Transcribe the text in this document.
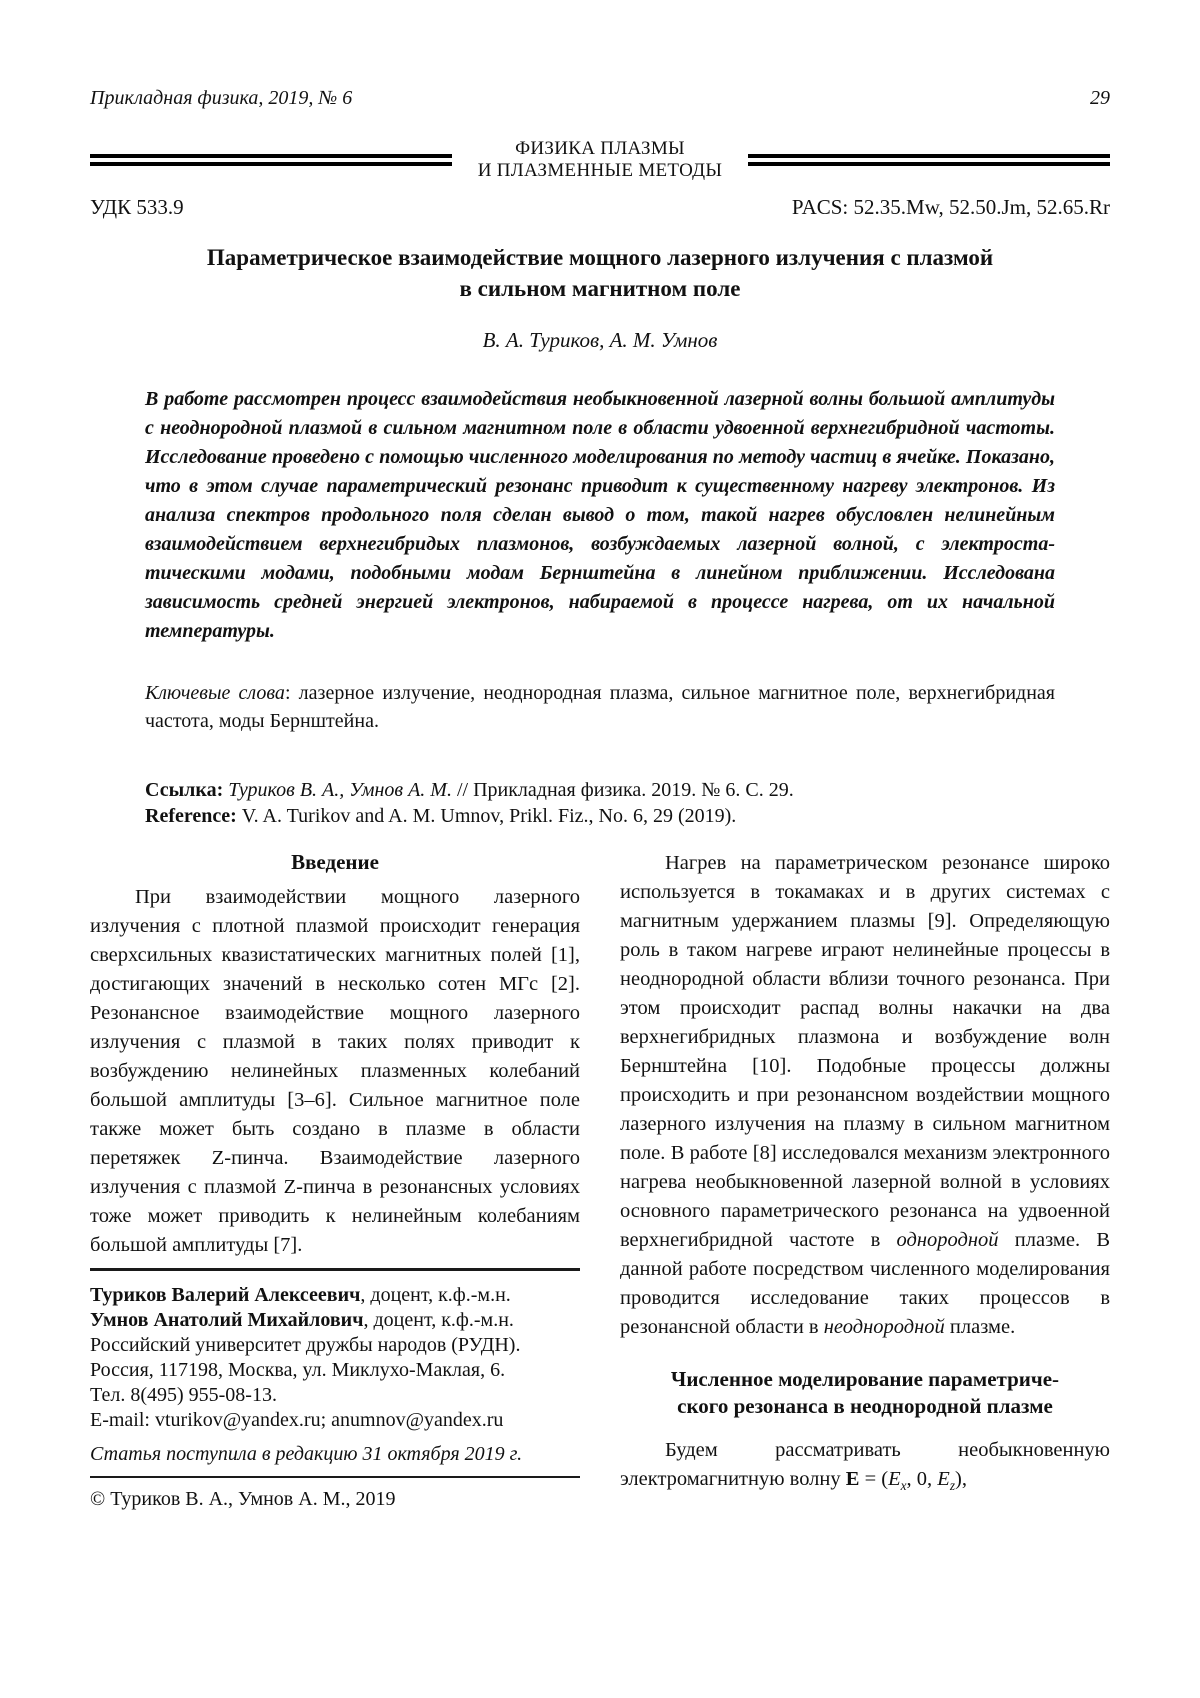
Прикладная физика, 2019, № 6	29
ФИЗИКА ПЛАЗМЫ
И ПЛАЗМЕННЫЕ МЕТОДЫ
УДК 533.9	PACS: 52.35.Mw, 52.50.Jm, 52.65.Rr
Параметрическое взаимодействие мощного лазерного излучения с плазмой
в сильном магнитном поле
В. А. Туриков, А. М. Умнов
В работе рассмотрен процесс взаимодействия необыкновенной лазерной волны большой амплитуды с неоднородной плазмой в сильном магнитном поле в области удвоенной верхнегибридной частоты. Исследование проведено с помощью численного моделирования по методу частиц в ячейке. Показано, что в этом случае параметрический резонанс приводит к существенному нагреву электронов. Из анализа спектров продольного поля сделан вывод о том, такой нагрев обусловлен нелинейным взаимодействием верхнегибридых плазмонов, возбуждаемых лазерной волной, с электростатическими модами, подобными модам Бернштейна в линейном приближении. Исследована зависимость средней энергией электронов, набираемой в процессе нагрева, от их начальной температуры.
Ключевые слова: лазерное излучение, неоднородная плазма, сильное магнитное поле, верхнегибридная частота, моды Бернштейна.
Ссылка: Туриков В. А., Умнов А. М. // Прикладная физика. 2019. № 6. С. 29.
Reference: V. A. Turikov and A. M. Umnov, Prikl. Fiz., No. 6, 29 (2019).
Введение

При взаимодействии мощного лазерного излучения с плотной плазмой происходит генерация сверхсильных квазистатических магнитных полей [1], достигающих значений в несколько сотен МГс [2]. Резонансное взаимодействие мощного лазерного излучения с плазмой в таких полях приводит к возбуждению нелинейных плазменных колебаний большой амплитуды [3–6]. Сильное магнитное поле также может быть создано в плазме в области перетяжек Z-пинча. Взаимодействие лазерного излучения с плазмой Z-пинча в резонансных условиях тоже может приводить к нелинейным колебаниям большой амплитуды [7].

Туриков Валерий Алексеевич, доцент, к.ф.-м.н.
Умнов Анатолий Михайлович, доцент, к.ф.-м.н.
Российский университет дружбы народов (РУДН).
Россия, 117198, Москва, ул. Миклухо-Маклая, 6.
Тел. 8(495) 955-08-13.
E-mail: vturikov@yandex.ru; anumnov@yandex.ru
Статья поступила в редакцию 31 октября 2019 г.
© Туриков В. А., Умнов А. М., 2019

Нагрев на параметрическом резонансе широко используется в токамаках и в других системах с магнитным удержанием плазмы [9]. Определяющую роль в таком нагреве играют нелинейные процессы в неоднородной области вблизи точного резонанса. При этом происходит распад волны накачки на два верхнегибридных плазмона и возбуждение волн Бернштейна [10]. Подобные процессы должны происходить и при резонансном воздействии мощного лазерного излучения на плазму в сильном магнитном поле. В работе [8] исследовался механизм электронного нагрева необыкновенной лазерной волной в условиях основного параметрического резонанса на удвоенной верхнегибридной частоте в однородной плазме. В данной работе посредством численного моделирования проводится исследование таких процессов в резонансной области в неоднородной плазме.

Численное моделирование параметриче-
ского резонанса в неоднородной плазме

Будем рассматривать необыкновенную электромагнитную волну $E = (E_x$, 0, $E_z$),
